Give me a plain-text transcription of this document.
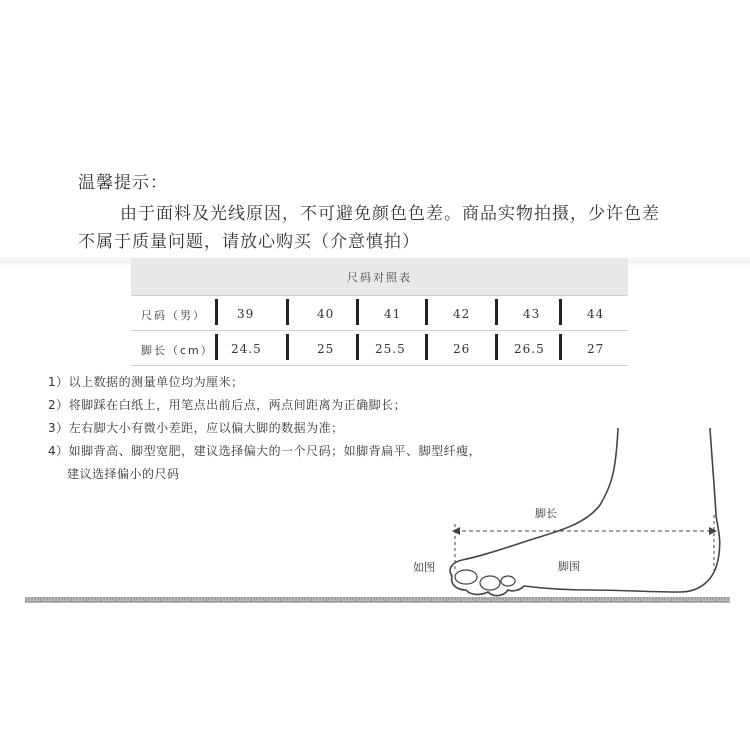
温馨提示：
由于面料及光线原因，不可避免颜色色差。商品实物拍摄，少许色差
不属于质量问题，请放心购买（介意慎拍）
尺码对照表
尺码（男）	39	40	41	42	43	44
脚长（cm） 24.5	25	25.5	26	26.5	27
1）以上数据的测量单位均为厘米；
2）将脚踩在白纸上，用笔点出前后点，两点间距离为正确脚长；
3）左右脚大小有微小差距，应以偏大脚的数据为准；
4）如脚背高、脚型宽肥，建议选择偏大的一个尺码；如脚背扁平、脚型纤瘦，
建议选择偏小的尺码
脚长
脚围
如图
